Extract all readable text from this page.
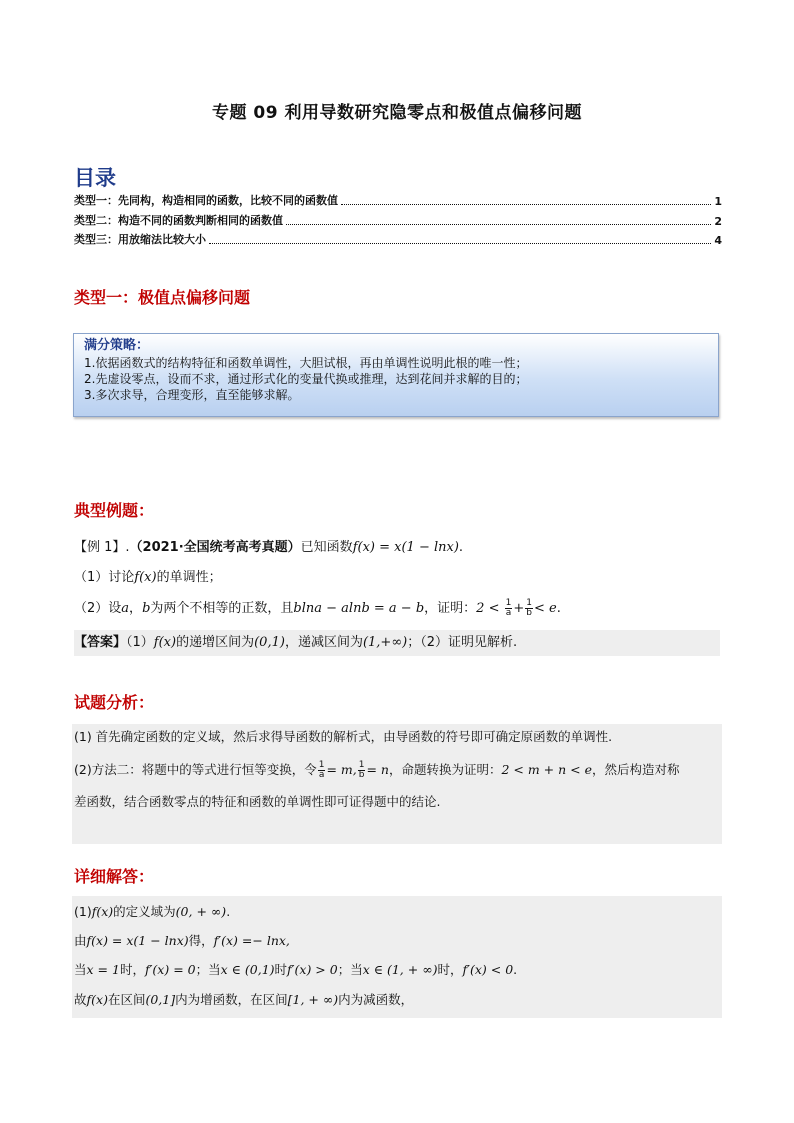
专题 09 利用导数研究隐零点和极值点偏移问题
目录
类型一：先同构，构造相同的函数，比较不同的函数值	1
类型二：构造不同的函数判断相同的函数值	2
类型三：用放缩法比较大小	4
类型一：极值点偏移问题
满分策略：
1.依据函数式的结构特征和函数单调性，大胆试根，再由单调性说明此根的唯一性；
2.先虚设零点，设而不求，通过形式化的变量代换或推理，达到花间并求解的目的；
3.多次求导，合理变形，直至能够求解。
典型例题：
【例 1】.（2021·全国统考高考真题）已知函数f(x) = x(1 − lnx).
（1）讨论f(x)的单调性；
（2）设a，b为两个不相等的正数，且blna − alnb = a − b，证明：$2 < \frac{1}{a} + \frac{1}{b} < e$.
【答案】（1）f(x)的递增区间为(0,1)，递减区间为(1,+∞)；（2）证明见解析.
试题分析：
(1) 首先确定函数的定义域，然后求得导函数的解析式，由导函数的符号即可确定原函数的单调性.
(2)方法二：将题中的等式进行恒等变换，令 $\frac{1}{a} = m$, $\frac{1}{b} = n$，命题转换为证明：2 < m + n < e，然后构造对称
差函数，结合函数零点的特征和函数的单调性即可证得题中的结论.
详细解答：
(1)f(x)的定义域为(0, + ∞).
由f(x) = x(1 − lnx)得，f′(x) =− lnx,
当x = 1时，f′(x) = 0；当x ∈ (0,1)时f′(x) > 0；当x ∈ (1, + ∞)时，f′(x) < 0.
故f(x)在区间(0,1]内为增函数，在区间[1, + ∞)内为减函数，
